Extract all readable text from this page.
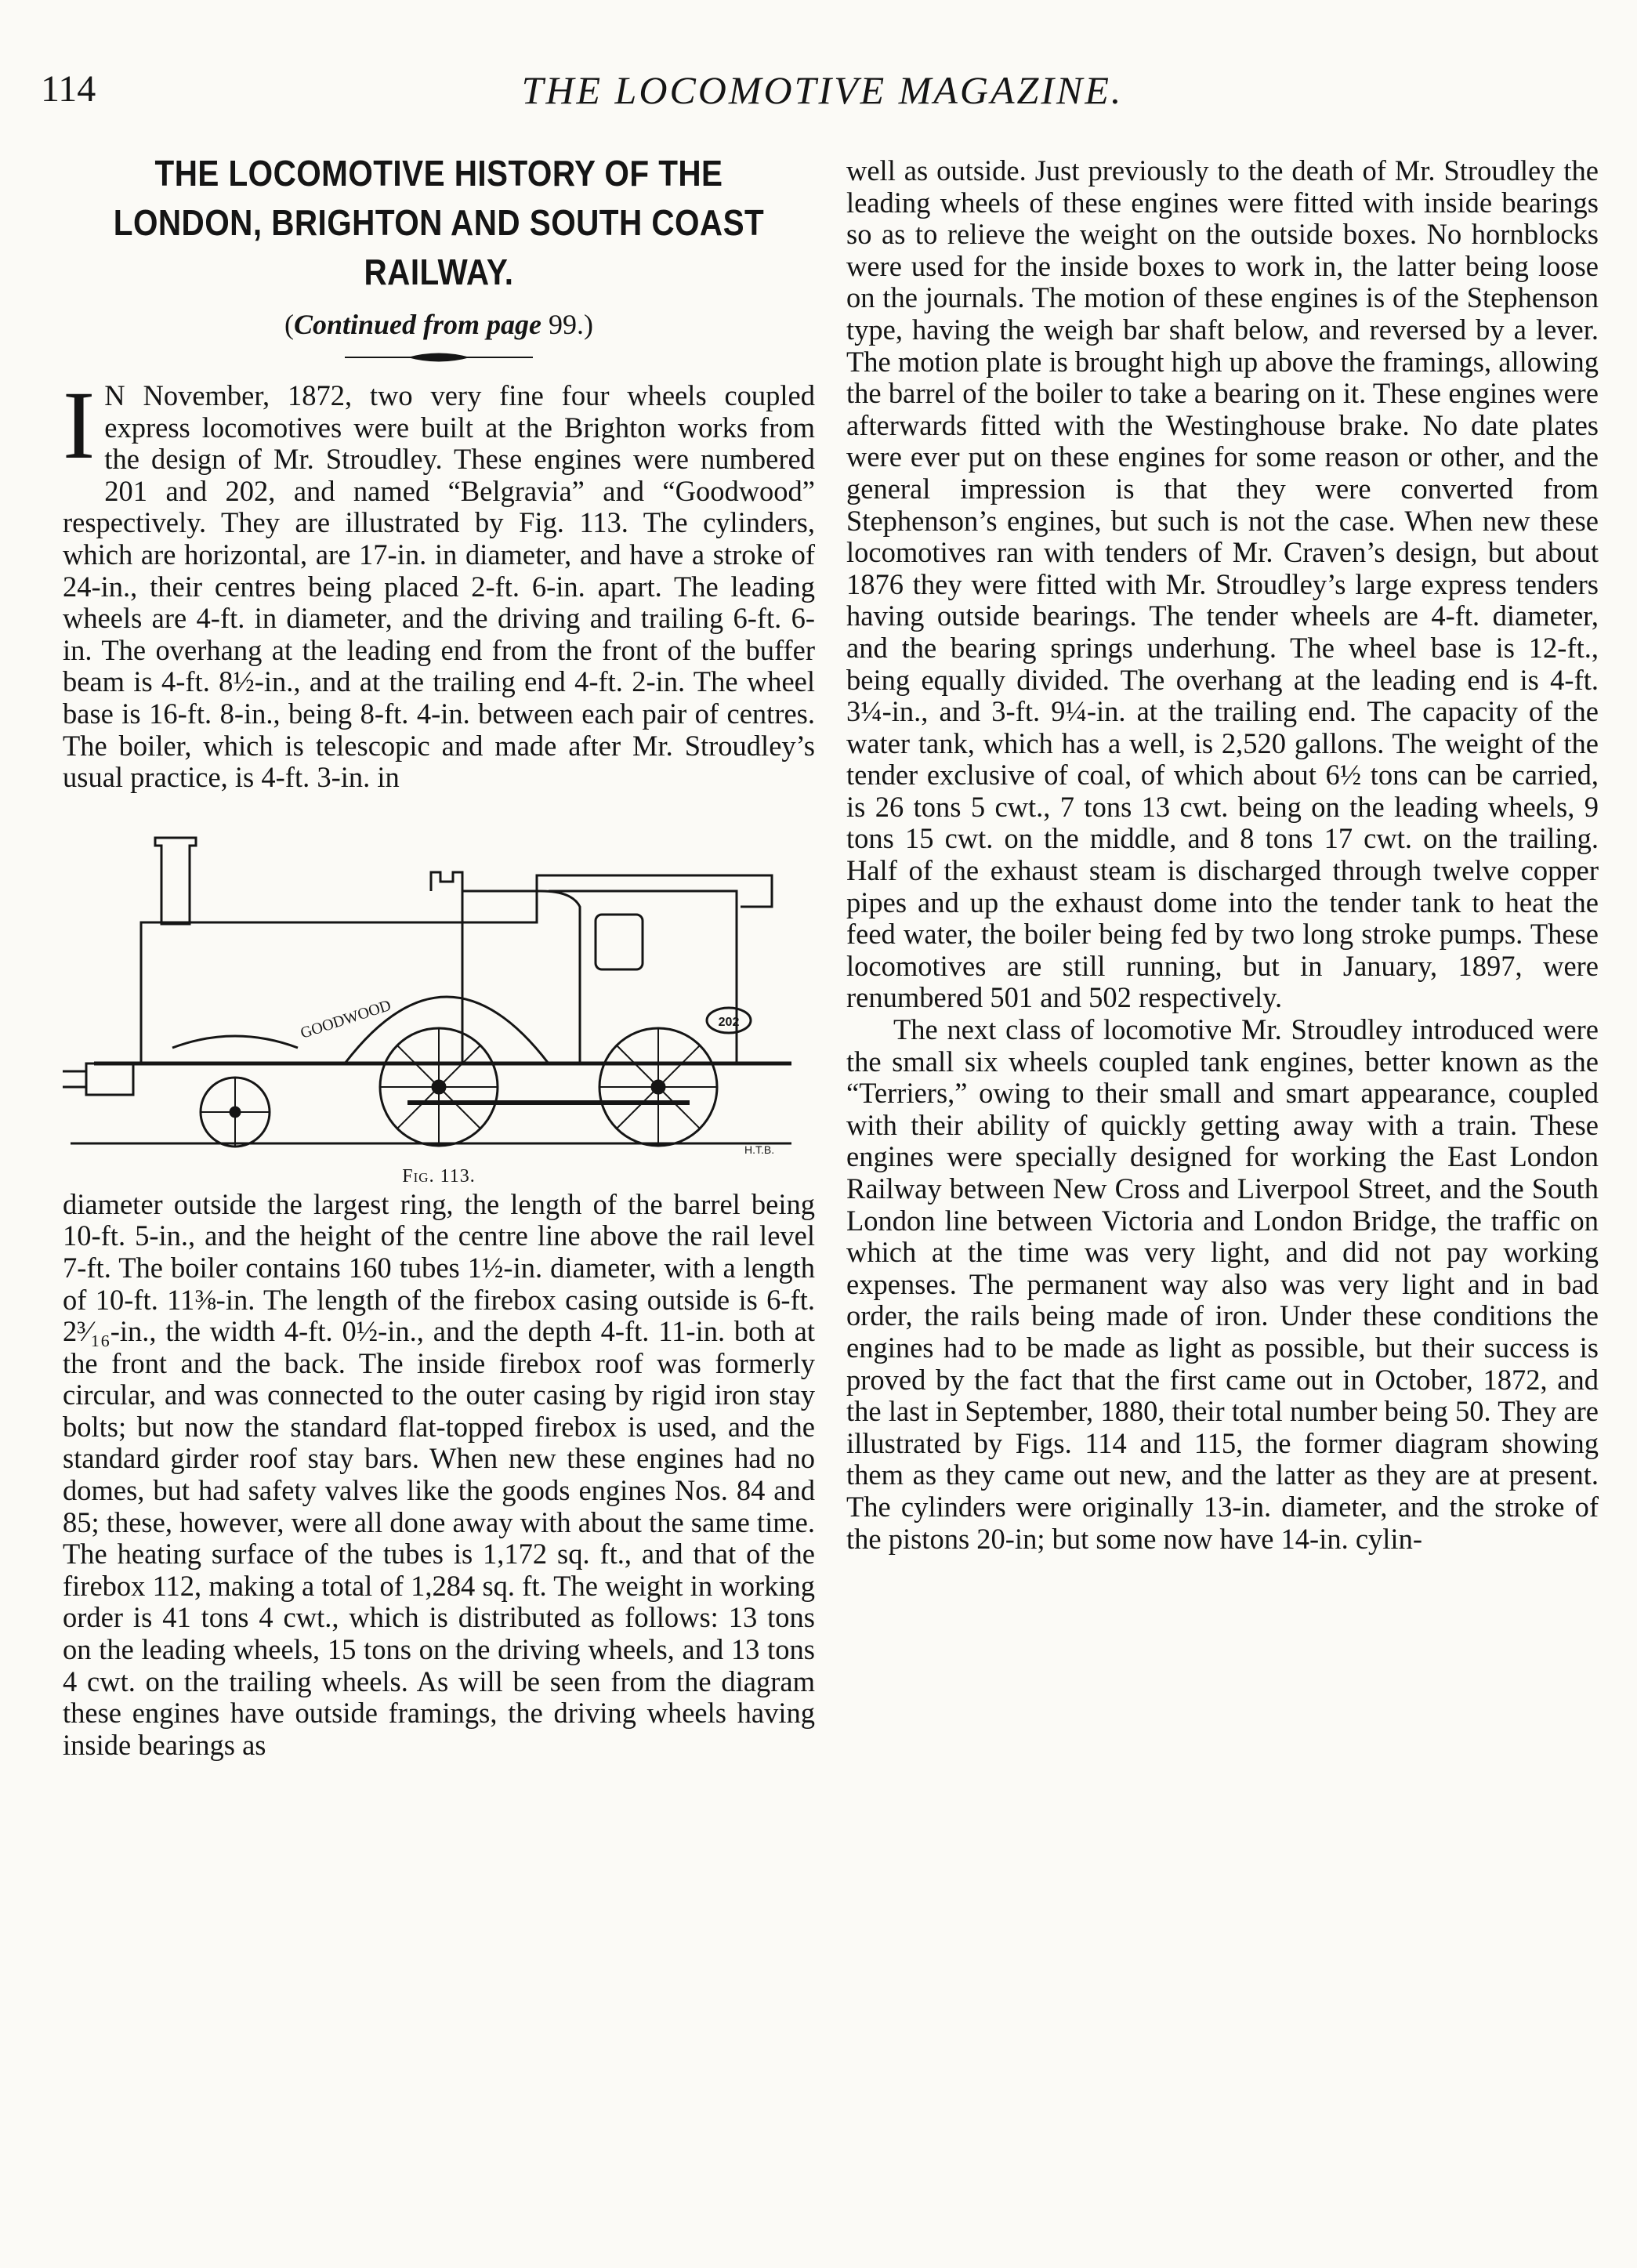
114	THE LOCOMOTIVE MAGAZINE.
THE LOCOMOTIVE HISTORY OF THE LONDON, BRIGHTON AND SOUTH COAST RAILWAY.
(Continued from page 99.)

I N November, 1872, two very fine four wheels coupled express locomotives were built at the Brighton works from the design of Mr. Stroudley. These engines were numbered 201 and 202, and named “Belgravia” and “Goodwood” respectively. They are illustrated by Fig. 113. The cylinders, which are horizontal, are 17-in. in diameter, and have a stroke of 24-in., their centres being placed 2-ft. 6-in. apart. The leading wheels are 4-ft. in diameter, and the driving and trailing 6-ft. 6-in. The overhang at the leading end from the front of the buffer beam is 4-ft. 8½-in., and at the trailing end 4-ft. 2-in. The wheel base is 16-ft. 8-in., being 8-ft. 4-in. between each pair of centres. The boiler, which is telescopic and made after Mr. Stroudley’s usual practice, is 4-ft. 3-in. in

GOODWOOD	202
H.T.B.
Fig. 113.

diameter outside the largest ring, the length of the barrel being 10-ft. 5-in., and the height of the centre line above the rail level 7-ft. The boiler contains 160 tubes 1½-in. diameter, with a length of 10-ft. 11⅜-in. The length of the firebox casing outside is 6-ft. 2³⁄₁₆-in., the width 4-ft. 0½-in., and the depth 4-ft. 11-in. both at the front and the back. The inside firebox roof was formerly circular, and was connected to the outer casing by rigid iron stay bolts; but now the standard flat-topped firebox is used, and the standard girder roof stay bars. When new these engines had no domes, but had safety valves like the goods engines Nos. 84 and 85; these, however, were all done away with about the same time. The heating surface of the tubes is 1,172 sq. ft., and that of the firebox 112, making a total of 1,284 sq. ft. The weight in working order is 41 tons 4 cwt., which is distributed as follows: 13 tons on the leading wheels, 15 tons on the driving wheels, and 13 tons 4 cwt. on the trailing wheels. As will be seen from the diagram these engines have outside framings, the driving wheels having inside bearings as

well as outside. Just previously to the death of Mr. Stroudley the leading wheels of these engines were fitted with inside bearings so as to relieve the weight on the outside boxes. No hornblocks were used for the inside boxes to work in, the latter being loose on the journals. The motion of these engines is of the Stephenson type, having the weigh bar shaft below, and reversed by a lever. The motion plate is brought high up above the framings, allowing the barrel of the boiler to take a bearing on it. These engines were afterwards fitted with the Westinghouse brake. No date plates were ever put on these engines for some reason or other, and the general impression is that they were converted from Stephenson’s engines, but such is not the case. When new these locomotives ran with tenders of Mr. Craven’s design, but about 1876 they were fitted with Mr. Stroudley’s large express tenders having outside bearings. The tender wheels are 4-ft. diameter, and the bearing springs underhung. The wheel base is 12-ft., being equally divided. The overhang at the leading end is 4-ft. 3¼-in., and 3-ft. 9¼-in. at the trailing end. The capacity of the water tank, which has a well, is 2,520 gallons. The weight of the tender exclusive of coal, of which about 6½ tons can be carried, is 26 tons 5 cwt., 7 tons 13 cwt. being on the leading wheels, 9 tons 15 cwt. on the middle, and 8 tons 17 cwt. on the trailing. Half of the exhaust steam is discharged through twelve copper pipes and up the exhaust dome into the tender tank to heat the feed water, the boiler being fed by two long stroke pumps. These locomotives are still running, but in January, 1897, were renumbered 501 and 502 respectively.

The next class of locomotive Mr. Stroudley introduced were the small six wheels coupled tank engines, better known as the “Terriers,” owing to their small and smart appearance, coupled with their ability of quickly getting away with a train. These engines were specially designed for working the East London Railway between New Cross and Liverpool Street, and the South London line between Victoria and London Bridge, the traffic on which at the time was very light, and did not pay working expenses. The permanent way also was very light and in bad order, the rails being made of iron. Under these conditions the engines had to be made as light as possible, but their success is proved by the fact that the first came out in October, 1872, and the last in September, 1880, their total number being 50. They are illustrated by Figs. 114 and 115, the former diagram showing them as they came out new, and the latter as they are at present. The cylinders were originally 13-in. diameter, and the stroke of the pistons 20-in; but some now have 14-in. cylin-
